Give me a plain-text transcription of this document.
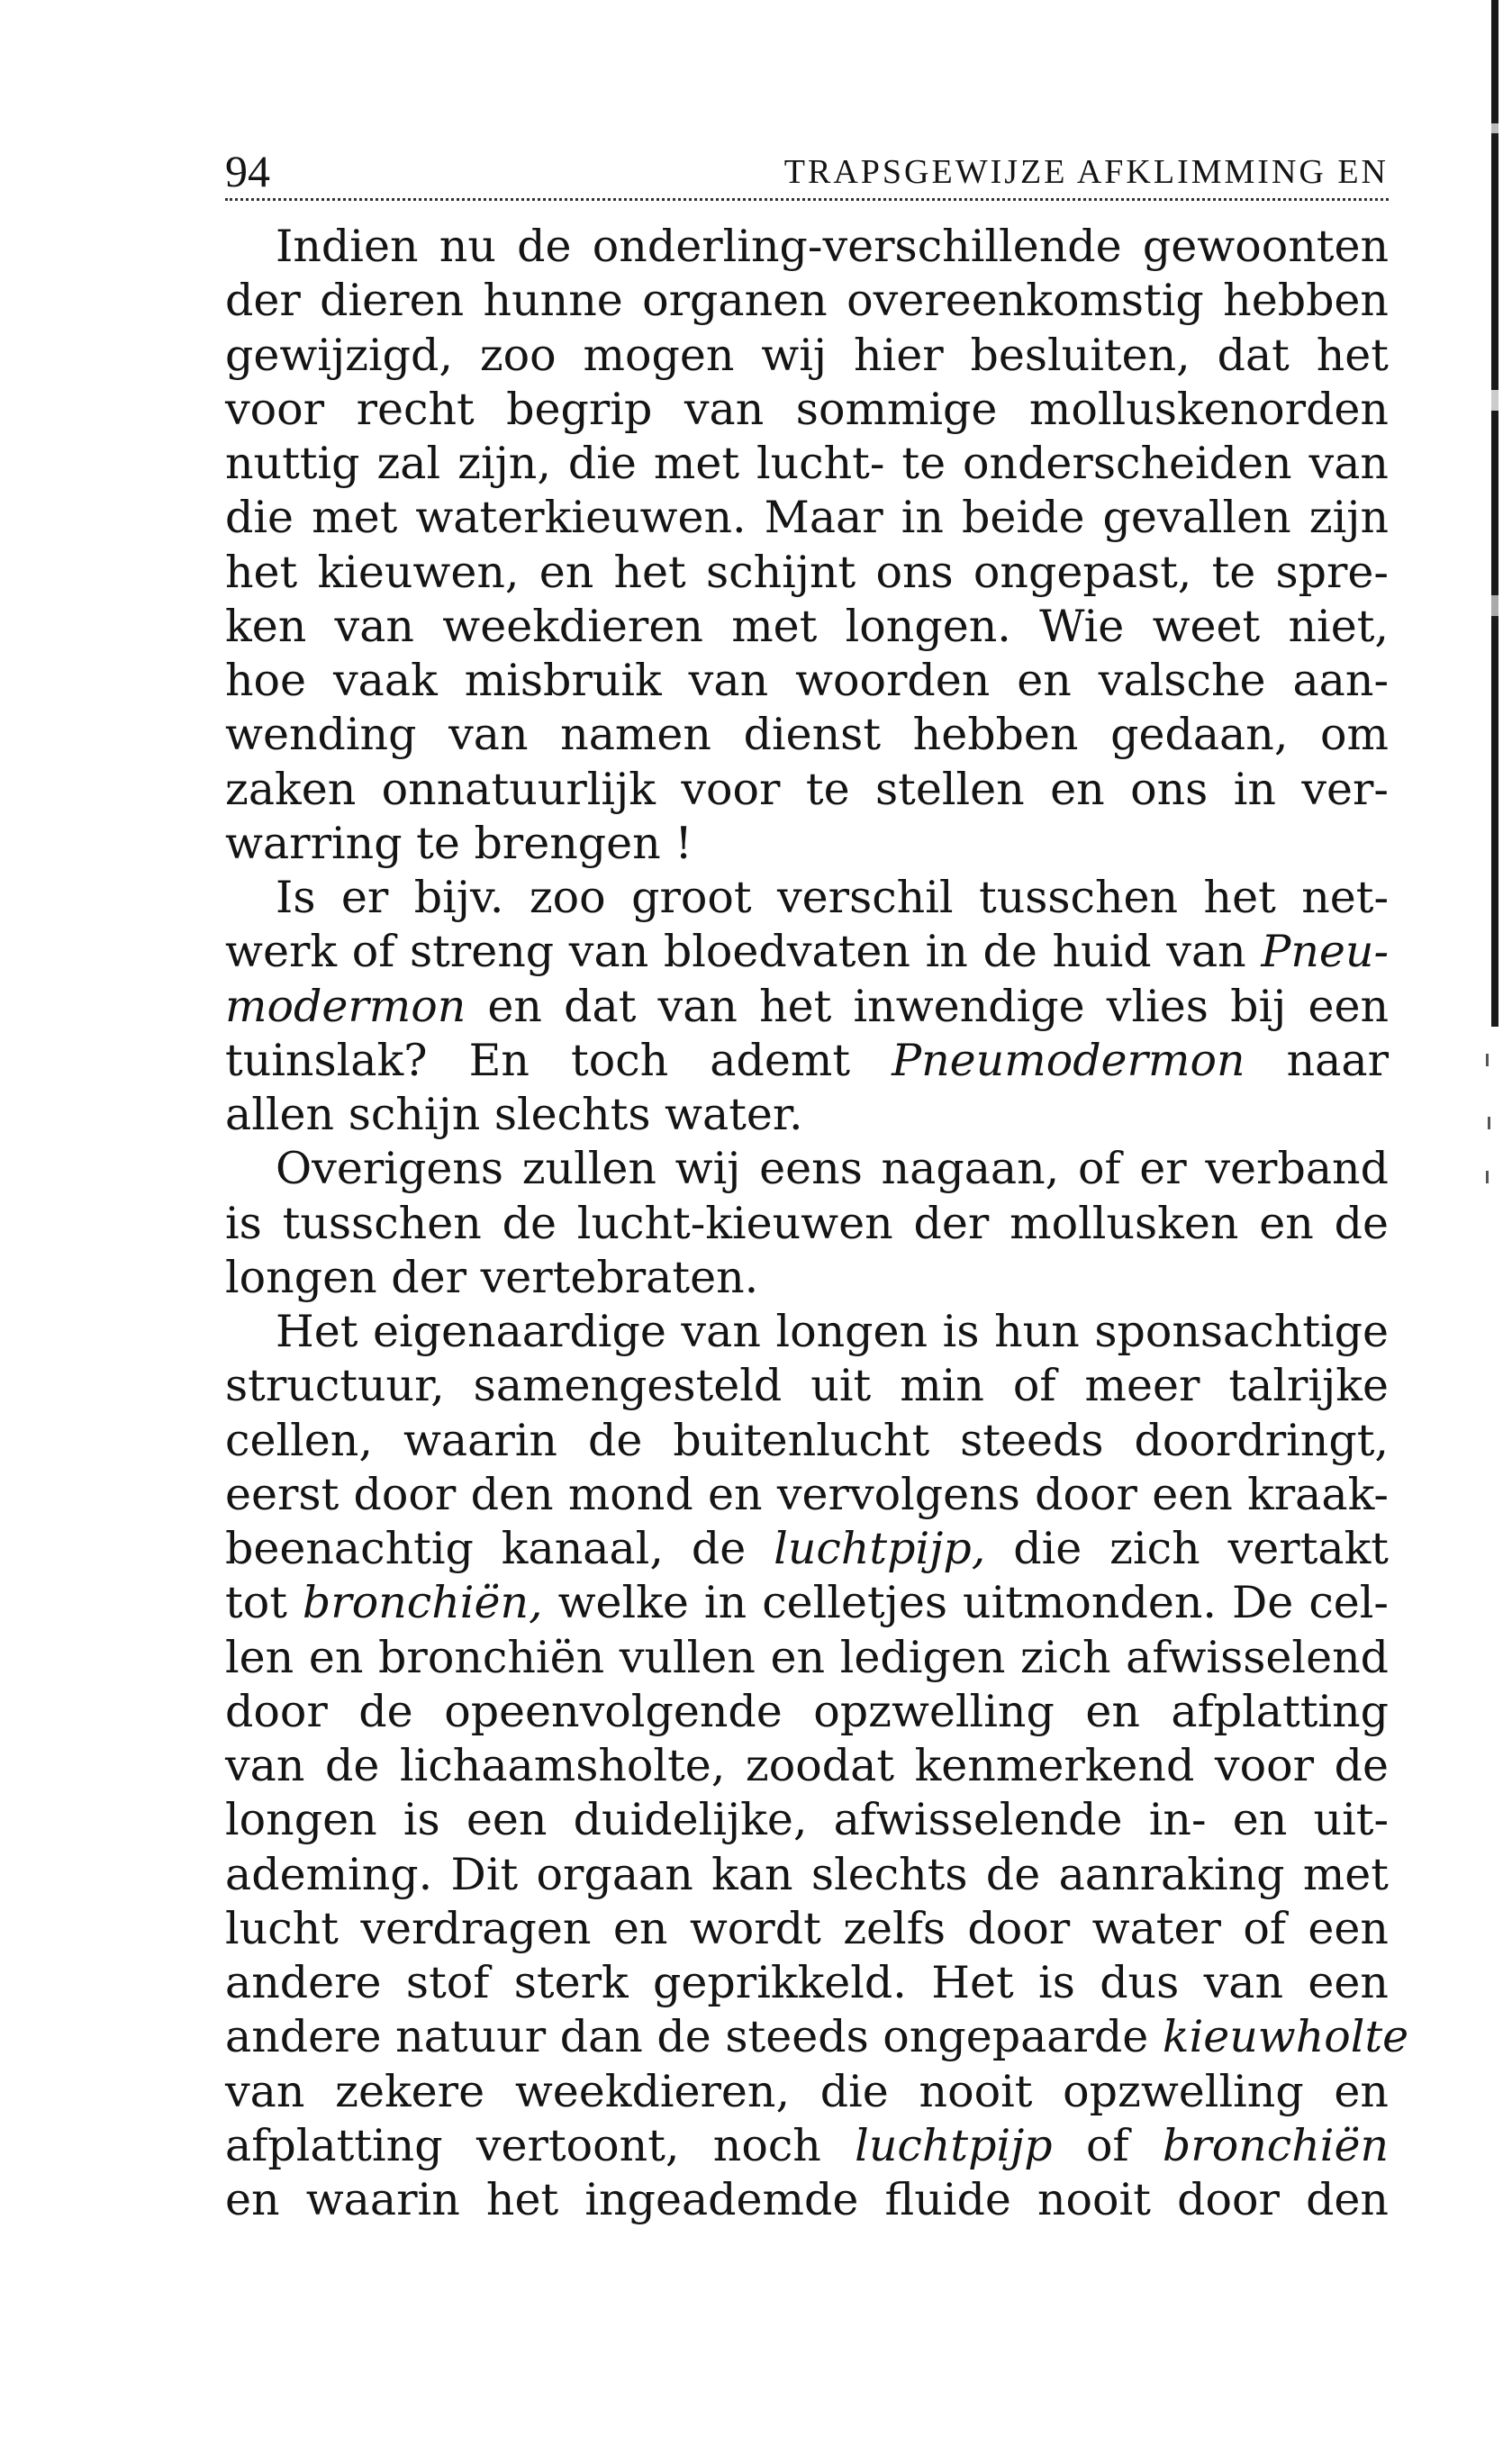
94	TRAPSGEWIJZE AFKLIMMING EN
Indien nu de onderling-verschillende gewoonten
der dieren hunne organen overeenkomstig hebben
gewijzigd, zoo mogen wij hier besluiten, dat het
voor recht begrip van sommige molluskenorden
nuttig zal zijn, die met lucht- te onderscheiden van
die met waterkieuwen. Maar in beide gevallen zijn
het kieuwen, en het schijnt ons ongepast, te spre-
ken van weekdieren met longen. Wie weet niet,
hoe vaak misbruik van woorden en valsche aan-
wending van namen dienst hebben gedaan, om
zaken onnatuurlijk voor te stellen en ons in ver-
warring te brengen !
Is er bijv. zoo groot verschil tusschen het net-
werk of streng van bloedvaten in de huid van Pneu-
modermon en dat van het inwendige vlies bij een
tuinslak? En toch ademt Pneumodermon naar
allen schijn slechts water.
Overigens zullen wij eens nagaan, of er verband
is tusschen de lucht-kieuwen der mollusken en de
longen der vertebraten.
Het eigenaardige van longen is hun sponsachtige
structuur, samengesteld uit min of meer talrijke
cellen, waarin de buitenlucht steeds doordringt,
eerst door den mond en vervolgens door een kraak-
beenachtig kanaal, de luchtpijp, die zich vertakt
tot bronchiën, welke in celletjes uitmonden. De cel-
len en bronchiën vullen en ledigen zich afwisselend
door de opeenvolgende opzwelling en afplatting
van de lichaamsholte, zoodat kenmerkend voor de
longen is een duidelijke, afwisselende in- en uit-
ademing. Dit orgaan kan slechts de aanraking met
lucht verdragen en wordt zelfs door water of een
andere stof sterk geprikkeld. Het is dus van een
andere natuur dan de steeds ongepaarde kieuwholte
van zekere weekdieren, die nooit opzwelling en
afplatting vertoont, noch luchtpijp of bronchiën
en waarin het ingeademde fluide nooit door den
